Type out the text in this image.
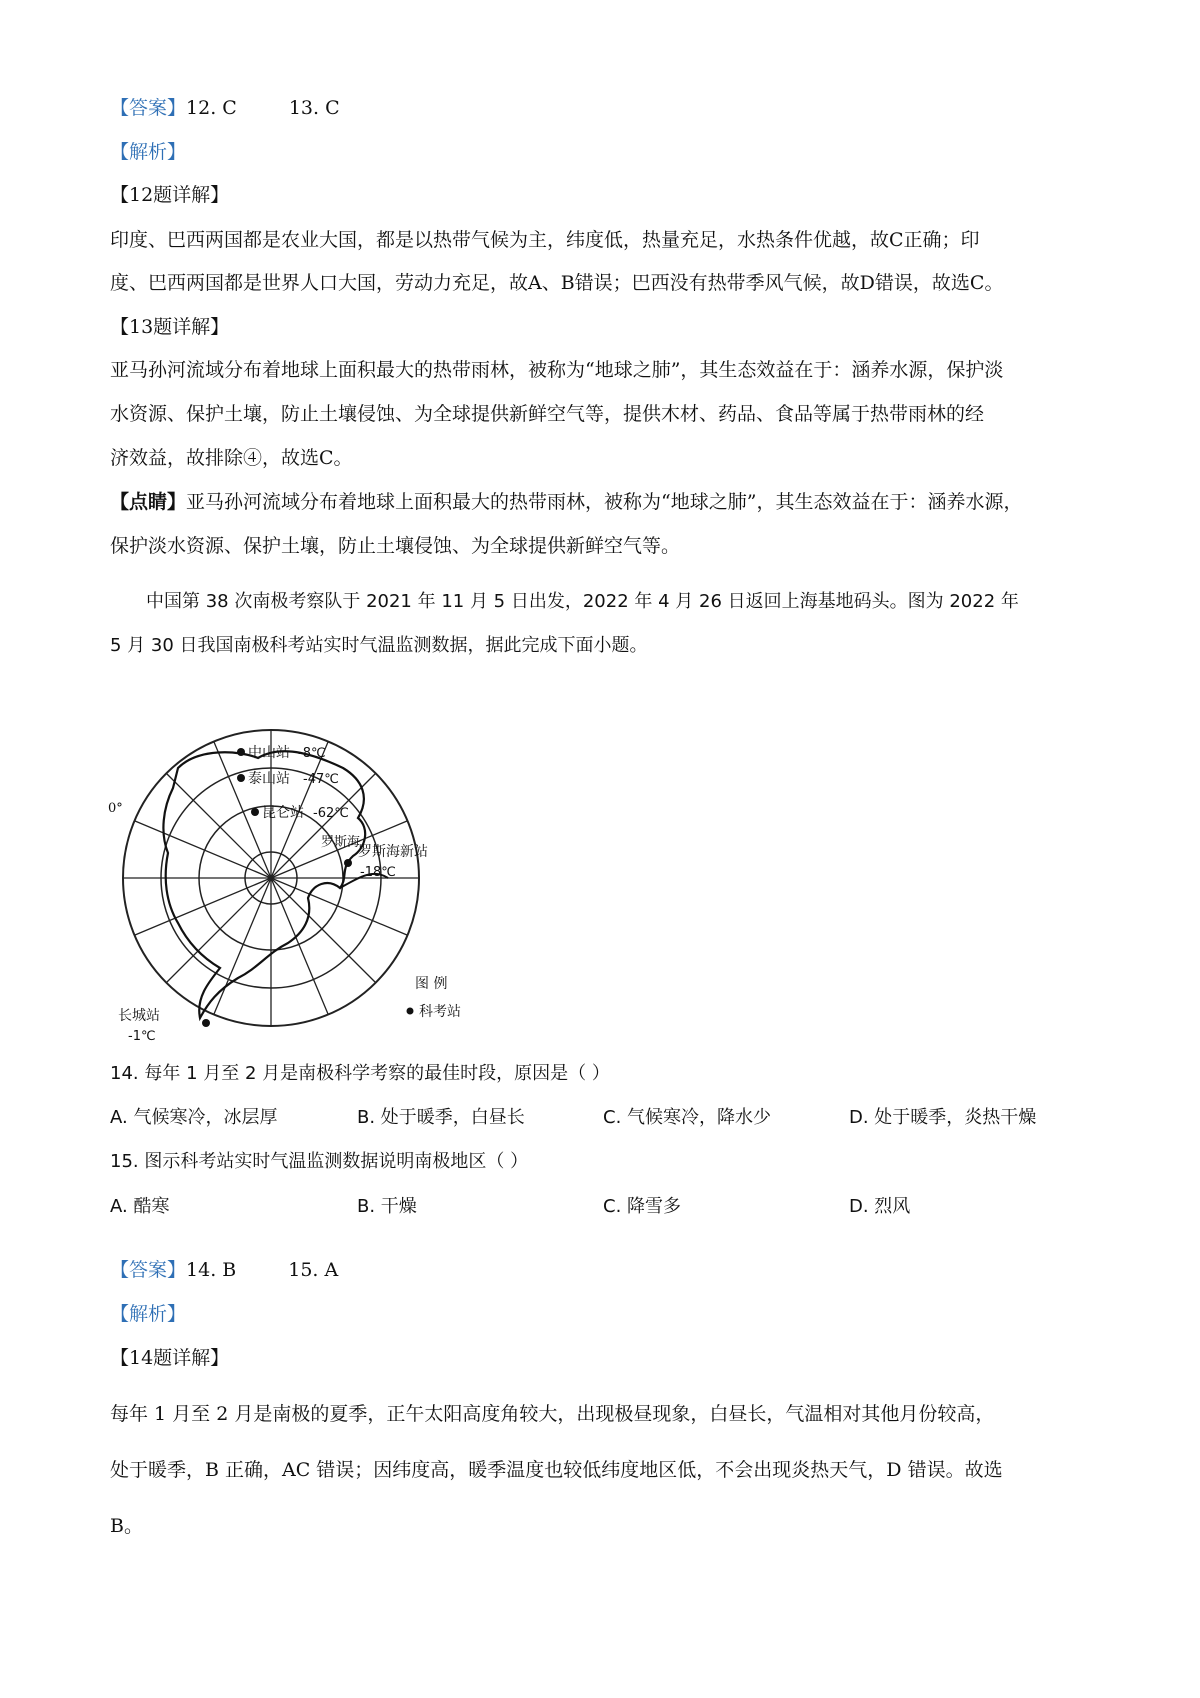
【答案】12. C	13. C
【解析】
【12题详解】
印度、巴西两国都是农业大国，都是以热带气候为主，纬度低，热量充足，水热条件优越，故C正确；印
度、巴西两国都是世界人口大国，劳动力充足，故A、B错误；巴西没有热带季风气候，故D错误，故选C。
【13题详解】
亚马孙河流域分布着地球上面积最大的热带雨林，被称为“地球之肺”，其生态效益在于：涵养水源，保护淡
水资源、保护土壤，防止土壤侵蚀、为全球提供新鲜空气等，提供木材、药品、食品等属于热带雨林的经
济效益，故排除④，故选C。
【点睛】亚马孙河流域分布着地球上面积最大的热带雨林，被称为“地球之肺”，其生态效益在于：涵养水源，
保护淡水资源、保护土壤，防止土壤侵蚀、为全球提供新鲜空气等。
中国第 38 次南极考察队于 2021 年 11 月 5 日出发，2022 年 4 月 26 日返回上海基地码头。图为 2022 年
5 月 30 日我国南极科考站实时气温监测数据，据此完成下面小题。
0°
中山站 -8℃
泰山站 -47℃
昆仑站 -62℃
罗斯海新站
-18℃
长城站
-1℃
罗斯海
图 例
科考站
14. 每年 1 月至 2 月是南极科学考察的最佳时段，原因是（ ）
A. 气候寒冷，冰层厚	B. 处于暖季，白昼长	C. 气候寒冷，降水少	D. 处于暖季，炎热干燥
15. 图示科考站实时气温监测数据说明南极地区（ ）
A. 酷寒	B. 干燥	C. 降雪多	D. 烈风
【答案】14. B	15. A
【解析】
【14题详解】
每年 1 月至 2 月是南极的夏季，正午太阳高度角较大，出现极昼现象，白昼长，气温相对其他月份较高，
处于暖季，B 正确，AC 错误；因纬度高，暖季温度也较低纬度地区低，不会出现炎热天气，D 错误。故选
B。
